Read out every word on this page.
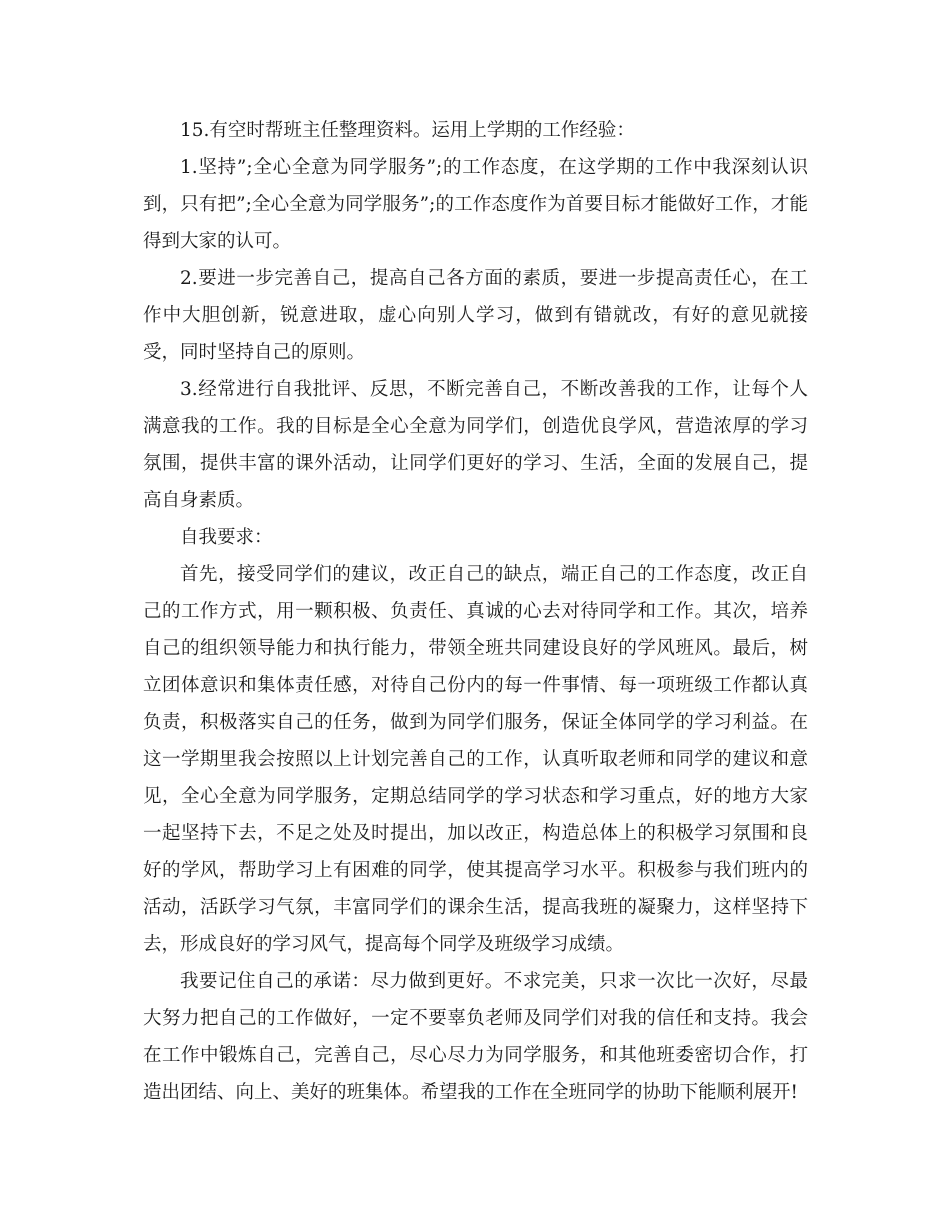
15.有空时帮班主任整理资料。运用上学期的工作经验：

1.坚持”;全心全意为同学服务”;的工作态度，在这学期的工作中我深刻认识到，只有把”;全心全意为同学服务”;的工作态度作为首要目标才能做好工作，才能得到大家的认可。

2.要进一步完善自己，提高自己各方面的素质，要进一步提高责任心，在工作中大胆创新，锐意进取，虚心向别人学习，做到有错就改，有好的意见就接受，同时坚持自己的原则。

3.经常进行自我批评、反思，不断完善自己，不断改善我的工作，让每个人满意我的工作。我的目标是全心全意为同学们，创造优良学风，营造浓厚的学习氛围，提供丰富的课外活动，让同学们更好的学习、生活，全面的发展自己，提高自身素质。

自我要求：

首先，接受同学们的建议，改正自己的缺点，端正自己的工作态度，改正自己的工作方式，用一颗积极、负责任、真诚的心去对待同学和工作。其次，培养自己的组织领导能力和执行能力，带领全班共同建设良好的学风班风。最后，树立团体意识和集体责任感，对待自己份内的每一件事情、每一项班级工作都认真负责，积极落实自己的任务，做到为同学们服务，保证全体同学的学习利益。在这一学期里我会按照以上计划完善自己的工作，认真听取老师和同学的建议和意见，全心全意为同学服务，定期总结同学的学习状态和学习重点，好的地方大家一起坚持下去，不足之处及时提出，加以改正，构造总体上的积极学习氛围和良好的学风，帮助学习上有困难的同学，使其提高学习水平。积极参与我们班内的活动，活跃学习气氛，丰富同学们的课余生活，提高我班的凝聚力，这样坚持下去，形成良好的学习风气，提高每个同学及班级学习成绩。

我要记住自己的承诺：尽力做到更好。不求完美，只求一次比一次好，尽最大努力把自己的工作做好，一定不要辜负老师及同学们对我的信任和支持。我会在工作中锻炼自己，完善自己，尽心尽力为同学服务，和其他班委密切合作，打造出团结、向上、美好的班集体。希望我的工作在全班同学的协助下能顺利展开!
